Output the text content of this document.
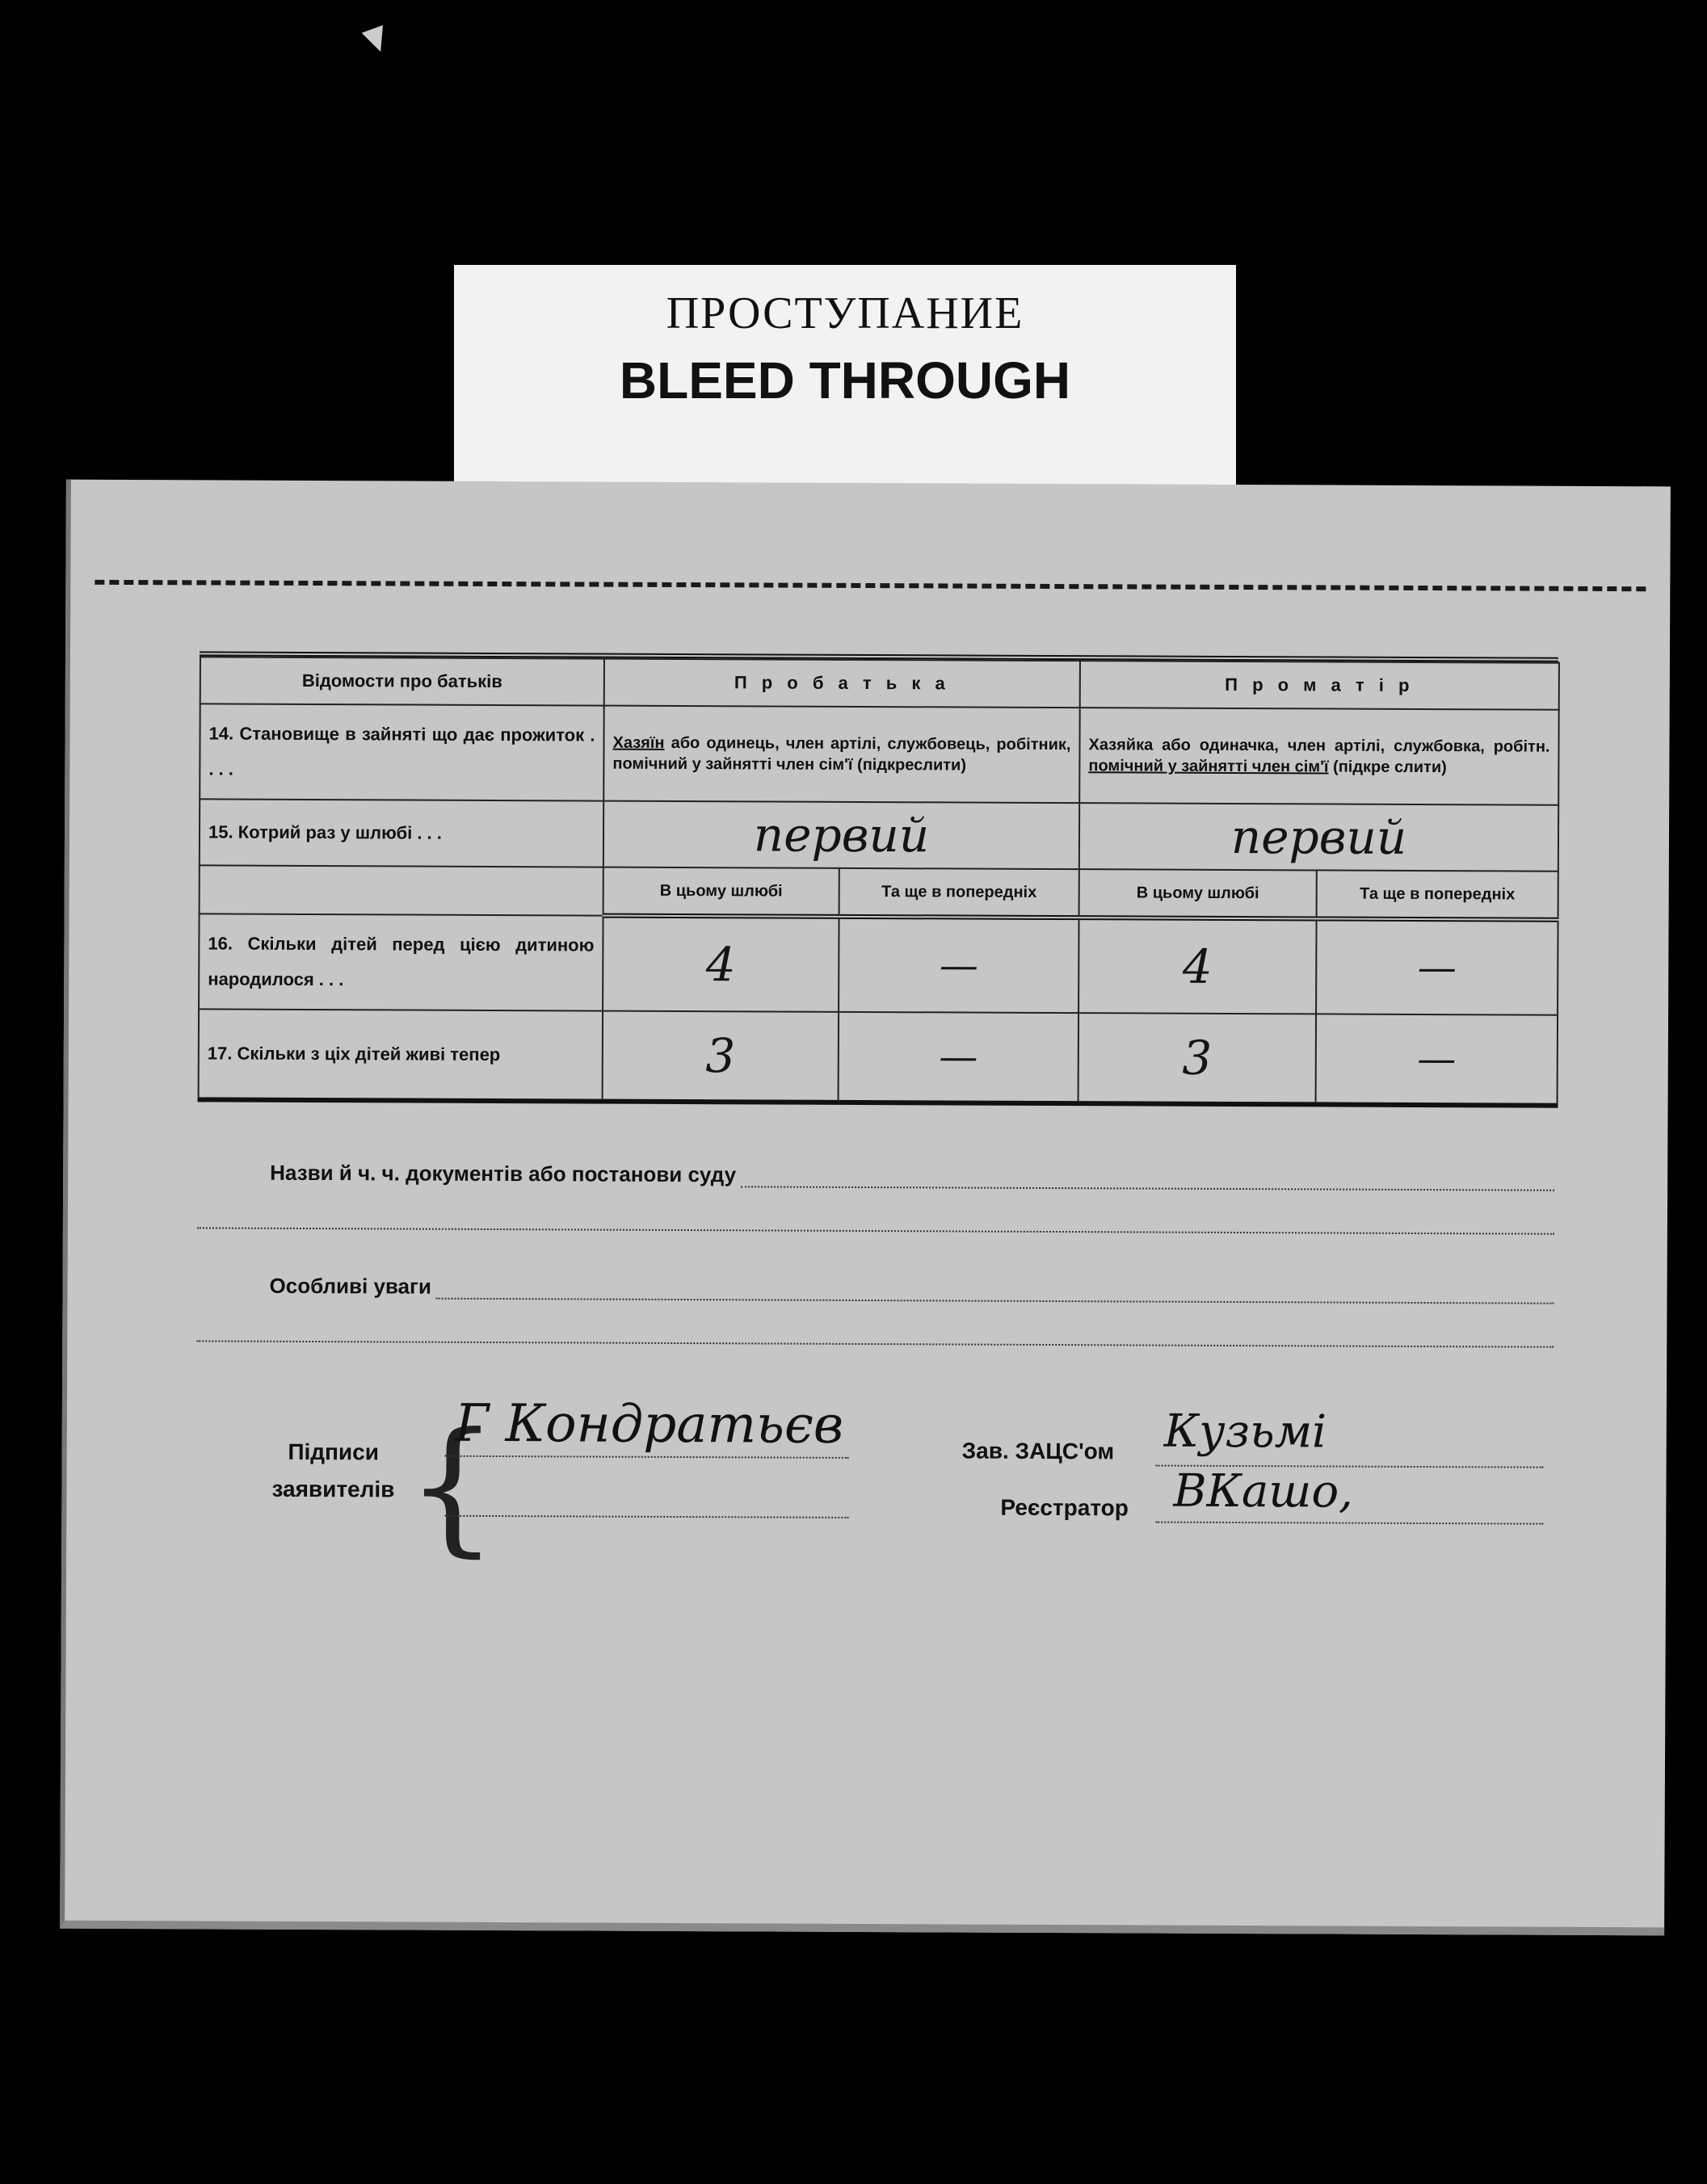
ПРОСТУПАНИЕ
BLEED THROUGH
Відомости про батьків	П р о б а т ь к а		П р о м а т і р	
14. Становище в зайняті що дає прожиток . . . .	Хазяїн або одинець, член артілі, службовець, робітник, помічний у зайнятті член сім'ї (підкреслити)		Хазяйка або одиначка, член артілі, службовка, робітн. помічний у зайнятті член сім'ї (підкре слити)	
15. Котрий раз у шлюбі . . .	первий		первий	
	В цьому шлюбі	Та ще в попередніх	В цьому шлюбі	Та ще в попередніх
16. Скільки дітей перед цією дитиною народилося . . .	4	—	4	—
17. Скільки з ціх дітей живі тепер	3	—	3	—
Назви й ч. ч. документів або постанови суду
Особливі уваги
Підписи
заявителів {
Г Кондратьєв	Зав. ЗАЦС'ом Кузьмі
Реєстратор ВКашо,
